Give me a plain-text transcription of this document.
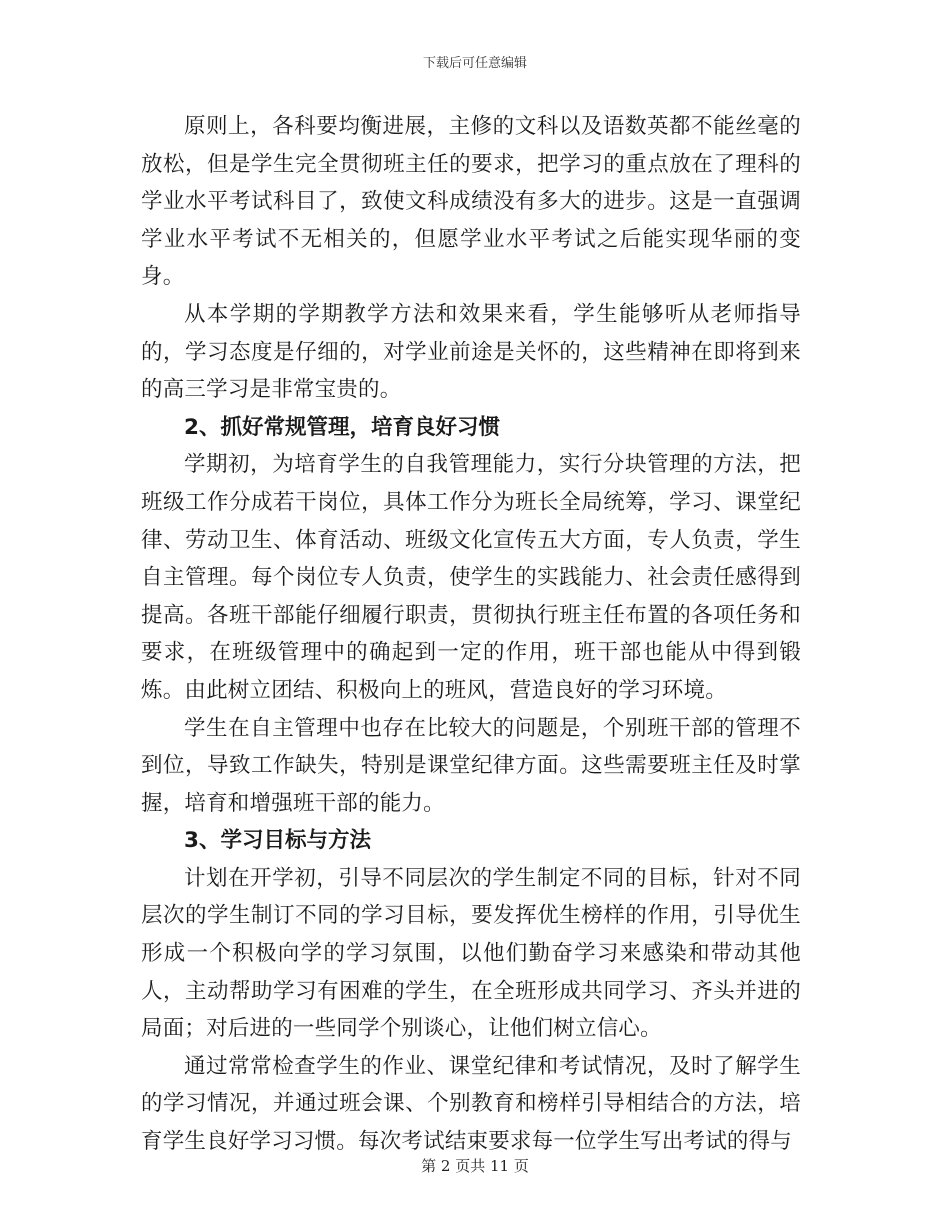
下载后可任意编辑

原则上，各科要均衡进展，主修的文科以及语数英都不能丝毫的放松，但是学生完全贯彻班主任的要求，把学习的重点放在了理科的学业水平考试科目了，致使文科成绩没有多大的进步。这是一直强调学业水平考试不无相关的，但愿学业水平考试之后能实现华丽的变身。

从本学期的学期教学方法和效果来看，学生能够听从老师指导的，学习态度是仔细的，对学业前途是关怀的，这些精神在即将到来的高三学习是非常宝贵的。

2、抓好常规管理，培育良好习惯

学期初，为培育学生的自我管理能力，实行分块管理的方法，把班级工作分成若干岗位，具体工作分为班长全局统筹，学习、课堂纪律、劳动卫生、体育活动、班级文化宣传五大方面，专人负责，学生自主管理。每个岗位专人负责，使学生的实践能力、社会责任感得到提高。各班干部能仔细履行职责，贯彻执行班主任布置的各项任务和要求，在班级管理中的确起到一定的作用，班干部也能从中得到锻炼。由此树立团结、积极向上的班风，营造良好的学习环境。

学生在自主管理中也存在比较大的问题是，个别班干部的管理不到位，导致工作缺失，特别是课堂纪律方面。这些需要班主任及时掌握，培育和增强班干部的能力。

3、学习目标与方法

计划在开学初，引导不同层次的学生制定不同的目标，针对不同层次的学生制订不同的学习目标，要发挥优生榜样的作用，引导优生形成一个积极向学的学习氛围，以他们勤奋学习来感染和带动其他人，主动帮助学习有困难的学生，在全班形成共同学习、齐头并进的局面；对后进的一些同学个别谈心，让他们树立信心。

通过常常检查学生的作业、课堂纪律和考试情况，及时了解学生的学习情况，并通过班会课、个别教育和榜样引导相结合的方法，培育学生良好学习习惯。每次考试结束要求每一位学生写出考试的得与

第 2 页共 11 页
